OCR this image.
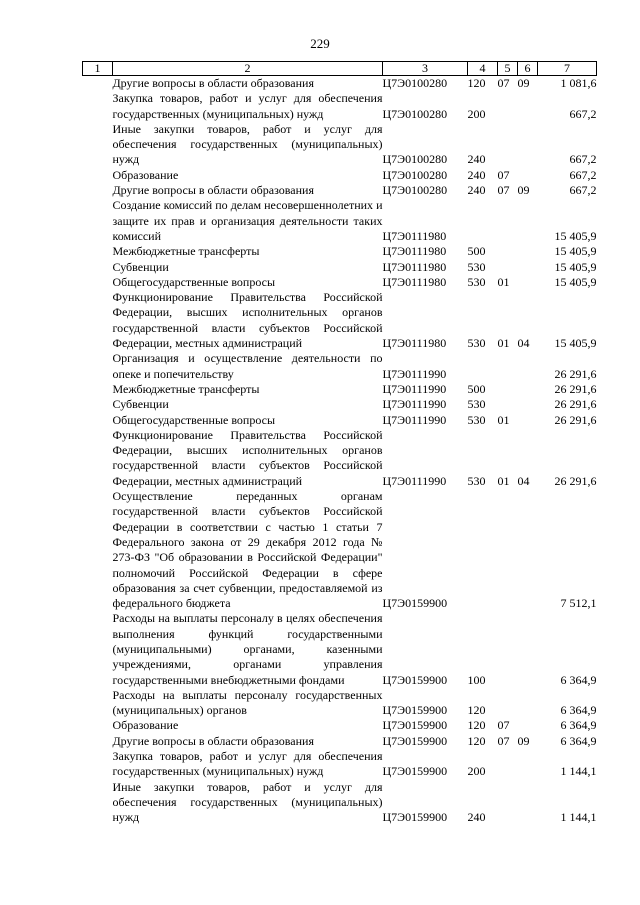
229
1	2	3	4	5	6	7
	Другие вопросы в области образования	Ц7Э0100280	120	07	09	1 081,6
	Закупка товаров, работ и услуг для обеспечения государственных (муниципальных) нужд	Ц7Э0100280	200			667,2
	Иные закупки товаров, работ и услуг для обеспечения государственных (муниципальных) нужд	Ц7Э0100280	240			667,2
	Образование	Ц7Э0100280	240	07		667,2
	Другие вопросы в области образования	Ц7Э0100280	240	07	09	667,2
	Создание комиссий по делам несовершеннолетних и защите их прав и организация деятельности таких комиссий	Ц7Э0111980				15 405,9
	Межбюджетные трансферты	Ц7Э0111980	500			15 405,9
	Субвенции	Ц7Э0111980	530			15 405,9
	Общегосударственные вопросы	Ц7Э0111980	530	01		15 405,9
	Функционирование Правительства Российской Федерации, высших исполнительных органов государственной власти субъектов Российской Федерации, местных администраций	Ц7Э0111980	530	01	04	15 405,9
	Организация и осуществление деятельности по опеке и попечительству	Ц7Э0111990				26 291,6
	Межбюджетные трансферты	Ц7Э0111990	500			26 291,6
	Субвенции	Ц7Э0111990	530			26 291,6
	Общегосударственные вопросы	Ц7Э0111990	530	01		26 291,6
	Функционирование Правительства Российской Федерации, высших исполнительных органов государственной власти субъектов Российской Федерации, местных администраций	Ц7Э0111990	530	01	04	26 291,6
	Осуществление переданных органам государственной власти субъектов Российской Федерации в соответствии с частью 1 статьи 7 Федерального закона от 29 декабря 2012 года № 273-ФЗ "Об образовании в Российской Федерации" полномочий Российской Федерации в сфере образования за счет субвенции, предоставляемой из федерального бюджета	Ц7Э0159900				7 512,1
	Расходы на выплаты персоналу в целях обеспечения выполнения функций государственными (муниципальными) органами, казенными учреждениями, органами управления государственными внебюджетными фондами	Ц7Э0159900	100			6 364,9
	Расходы на выплаты персоналу государственных (муниципальных) органов	Ц7Э0159900	120			6 364,9
	Образование	Ц7Э0159900	120	07		6 364,9
	Другие вопросы в области образования	Ц7Э0159900	120	07	09	6 364,9
	Закупка товаров, работ и услуг для обеспечения государственных (муниципальных) нужд	Ц7Э0159900	200			1 144,1
	Иные закупки товаров, работ и услуг для обеспечения государственных (муниципальных) нужд	Ц7Э0159900	240			1 144,1
